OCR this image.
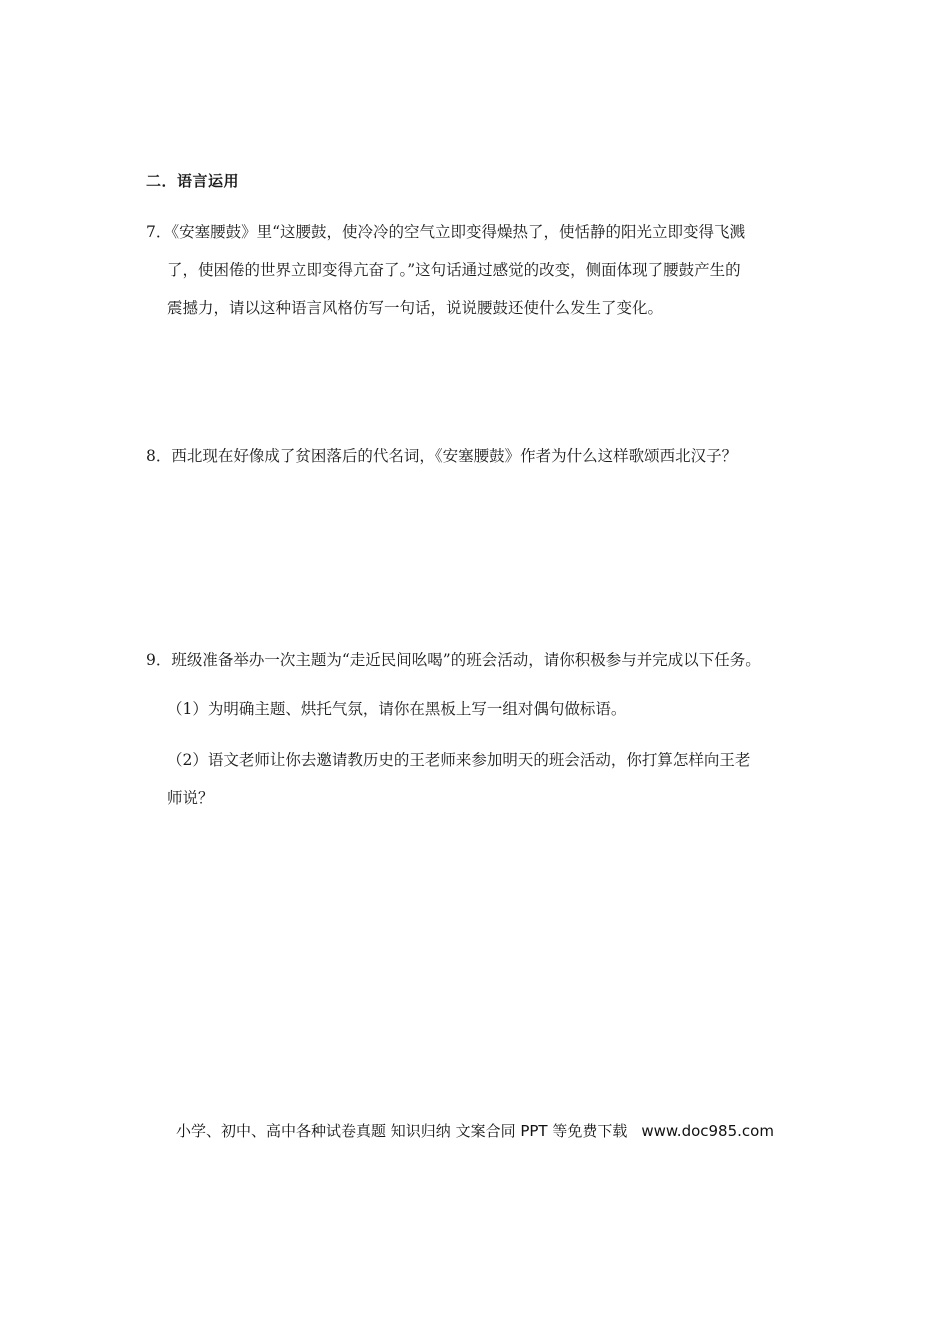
二．语言运用
7．《安塞腰鼓》里“这腰鼓，使冷冷的空气立即变得燥热了，使恬静的阳光立即变得飞溅
了，使困倦的世界立即变得亢奋了。”这句话通过感觉的改变，侧面体现了腰鼓产生的
震撼力，请以这种语言风格仿写一句话，说说腰鼓还使什么发生了变化。
8．西北现在好像成了贫困落后的代名词，《安塞腰鼓》作者为什么这样歌颂西北汉子？
9．班级准备举办一次主题为“走近民间吆喝”的班会活动，请你积极参与并完成以下任务。
（1）为明确主题、烘托气氛，请你在黑板上写一组对偶句做标语。
（2）语文老师让你去邀请教历史的王老师来参加明天的班会活动，你打算怎样向王老
师说？
小学、初中、高中各种试卷真题 知识归纳 文案合同 PPT 等免费下载 www.doc985.com
